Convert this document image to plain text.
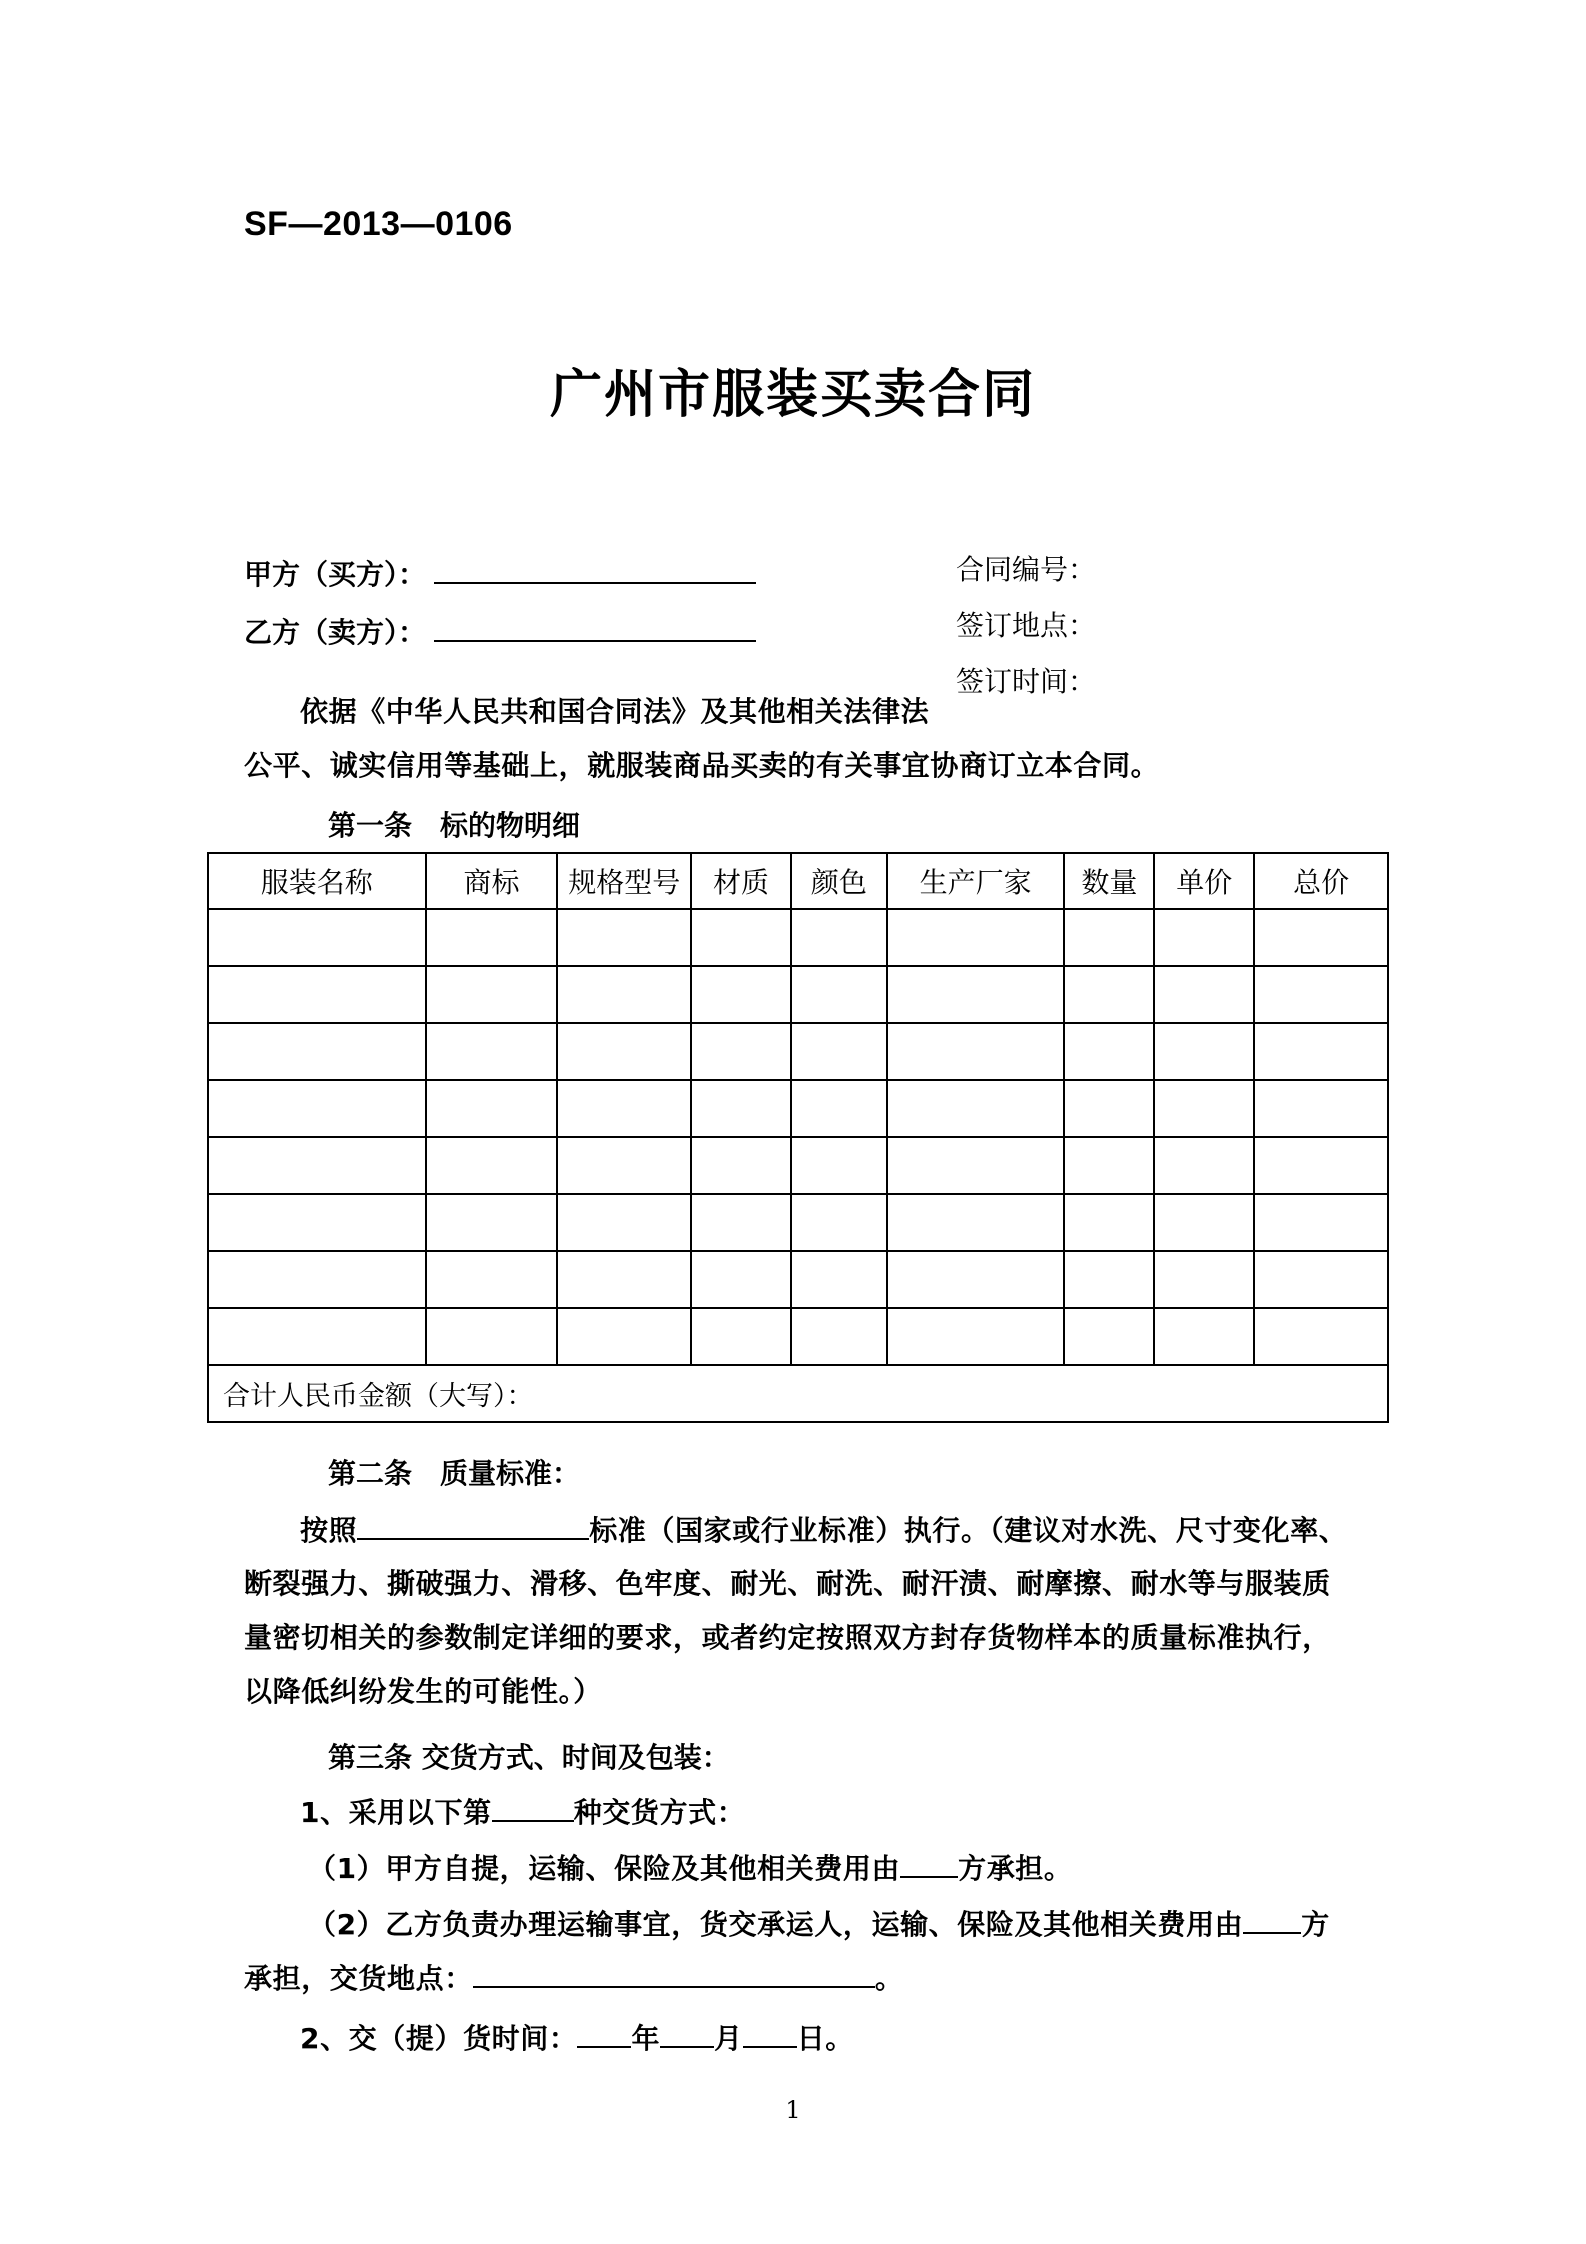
SF—2013—0106
广州市服装买卖合同
甲方（买方）：
乙方（卖方）：
合同编号：
签订地点：
签订时间：
依据《中华人民共和国合同法》及其他相关法律法
公平、诚实信用等基础上，就服装商品买卖的有关事宜协商订立本合同。
第一条　标的物明细
服装名称	商标	规格型号	材质	颜色	生产厂家	数量	单价	总价

合计人民币金额（大写）：								
第二条　质量标准：
按照	标准（国家或行业标准）执行。（建议对水洗、尺寸变化率、
断裂强力、撕破强力、滑移、色牢度、耐光、耐洗、耐汗渍、耐摩擦、耐水等与服装质
量密切相关的参数制定详细的要求，或者约定按照双方封存货物样本的质量标准执行，
以降低纠纷发生的可能性。）
第三条 交货方式、时间及包装：
1、采用以下第	种交货方式：
（1）甲方自提，运输、保险及其他相关费用由 方承担。
（2）乙方负责办理运输事宜，货交承运人，运输、保险及其他相关费用由 方
承担，交货地点：	。
2、交（提）货时间： 年 月 日。
1
